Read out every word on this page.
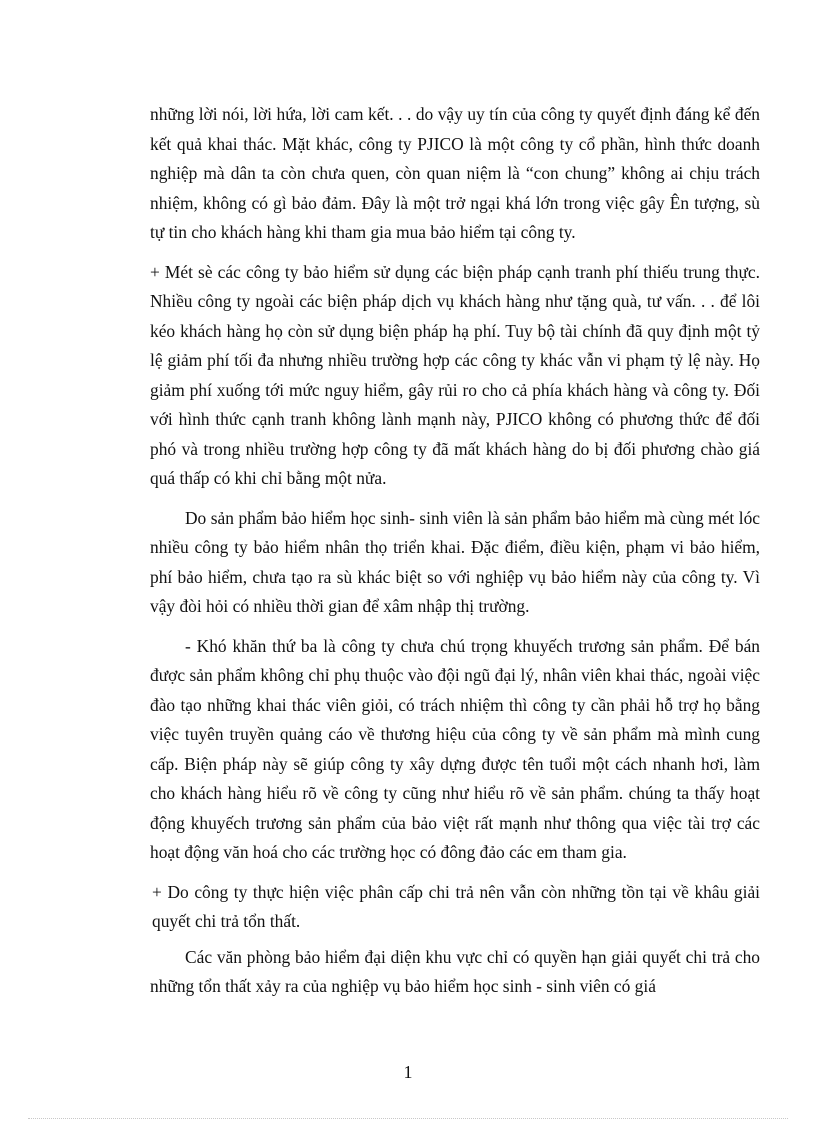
những lời nói, lời hứa, lời cam kết. . . do vậy uy tín của công ty quyết định đáng kể đến kết quả khai thác. Mặt khác, công ty PJICO là một công ty cổ phần, hình thức doanh nghiệp mà dân ta còn chưa quen, còn quan niệm là “con chung” không ai chịu trách nhiệm, không có gì bảo đảm. Đây là một trở ngại khá lớn trong việc gây Ên tượng, sù tự tin cho khách hàng khi tham gia mua bảo hiểm tại công ty.

+ Mét sè các công ty bảo hiểm sử dụng các biện pháp cạnh tranh phí thiếu trung thực. Nhiều công ty ngoài các biện pháp dịch vụ khách hàng như tặng quà, tư vấn. . . để lôi kéo khách hàng họ còn sử dụng biện pháp hạ phí. Tuy bộ tài chính đã quy định một tỷ lệ giảm phí tối đa nhưng nhiều trường hợp các công ty khác vẫn vi phạm tỷ lệ này. Họ giảm phí xuống tới mức nguy hiểm, gây rủi ro cho cả phía khách hàng và công ty. Đối với hình thức cạnh tranh không lành mạnh này, PJICO không có phương thức để đối phó và trong nhiều trường hợp công ty đã mất khách hàng do bị đối phương chào giá quá thấp có khi chỉ bằng một nửa.

Do sản phẩm bảo hiểm học sinh- sinh viên là sản phẩm bảo hiểm mà cùng mét lóc nhiều công ty bảo hiểm nhân thọ triển khai. Đặc điểm, điều kiện, phạm vi bảo hiểm, phí bảo hiểm, chưa tạo ra sù khác biệt so với nghiệp vụ bảo hiểm này của công ty. Vì vậy đòi hỏi có nhiều thời gian để xâm nhập thị trường.

- Khó khăn thứ ba là công ty chưa chú trọng khuyếch trương sản phẩm. Để bán được sản phẩm không chỉ phụ thuộc vào đội ngũ đại lý, nhân viên khai thác, ngoài việc đào tạo những khai thác viên giỏi, có trách nhiệm thì công ty cần phải hỗ trợ họ bằng việc tuyên truyền quảng cáo về thương hiệu của công ty về sản phẩm mà mình cung cấp. Biện pháp này sẽ giúp công ty xây dựng được tên tuổi một cách nhanh hơi, làm cho khách hàng hiểu rõ về công ty cũng như hiểu rõ về sản phẩm. chúng ta thấy hoạt động khuyếch trương sản phẩm của bảo việt rất mạnh như thông qua việc tài trợ các hoạt động văn hoá cho các trường học có đông đảo các em tham gia.

+ Do công ty thực hiện việc phân cấp chi trả nên vẫn còn những tồn tại về khâu giải quyết chi trả tổn thất.

Các văn phòng bảo hiểm đại diện khu vực chỉ có quyền hạn giải quyết chi trả cho những tổn thất xảy ra của nghiệp vụ bảo hiểm học sinh - sinh viên có giá

1
